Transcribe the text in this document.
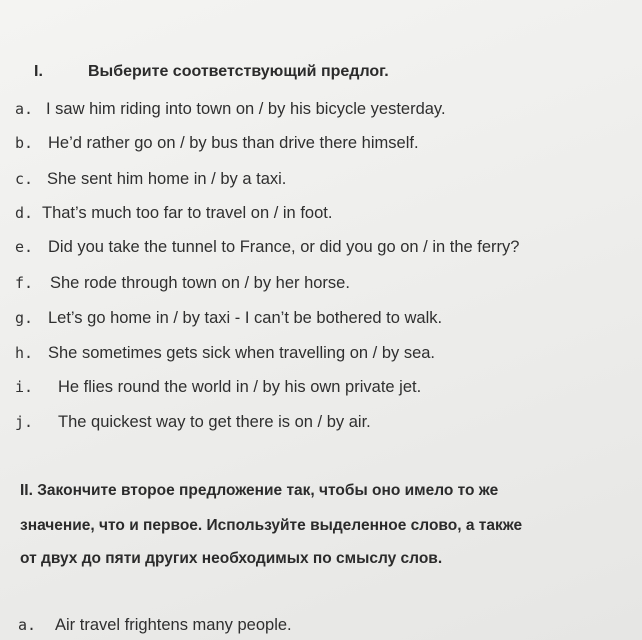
I.	Выберите соответствующий предлог.
a. I saw him riding into town on / by his bicycle yesterday.
b. He’d rather go on / by bus than drive there himself.
c. She sent him home in / by a taxi.
d. That’s much too far to travel on / in foot.
e. Did you take the tunnel to France, or did you go on / in the ferry?
f. She rode through town on / by her horse.
g. Let’s go home in / by taxi - I can’t be bothered to walk.
h. She sometimes gets sick when travelling on / by sea.
i. He flies round the world in / by his own private jet.
j. The quickest way to get there is on / by air.
II. Закончите второе предложение так, чтобы оно имело то же
значение, что и первое. Используйте выделенное слово, а также
от двух до пяти других необходимых по смыслу слов.
a. Air travel frightens many people.
